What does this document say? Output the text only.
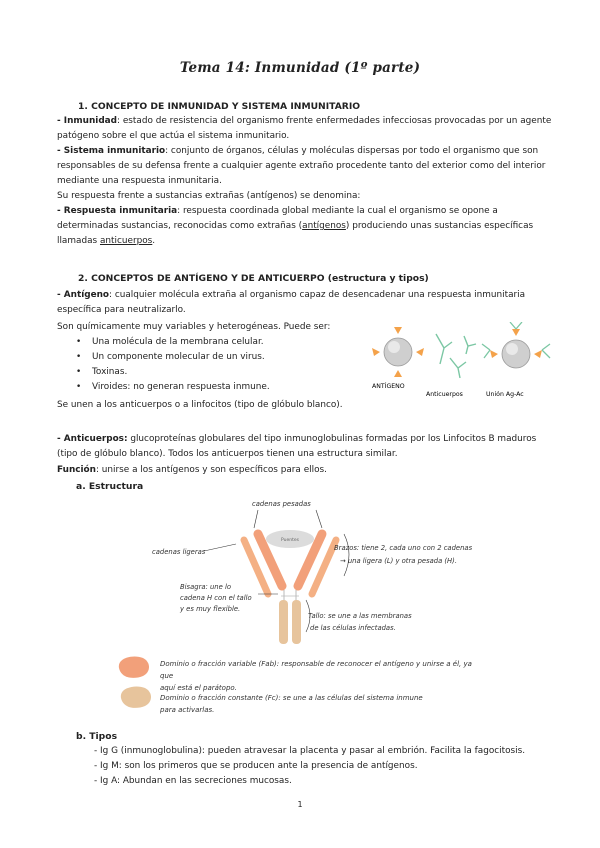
Tema 14: Inmunidad (1º parte)
1. CONCEPTO DE INMUNIDAD Y SISTEMA INMUNITARIO
- Inmunidad: estado de resistencia del organismo frente enfermedades infecciosas provocadas por un agente patógeno sobre el que actúa el sistema inmunitario.
- Sistema inmunitario: conjunto de órganos, células y moléculas dispersas por todo el organismo que son responsables de su defensa frente a cualquier agente extraño procedente tanto del exterior como del interior mediante una respuesta inmunitaria.
Su respuesta frente a sustancias extrañas (antígenos) se denomina:
- Respuesta inmunitaria: respuesta coordinada global mediante la cual el organismo se opone a determinadas sustancias, reconocidas como extrañas (antígenos) produciendo unas sustancias específicas llamadas anticuerpos.
2. CONCEPTOS DE ANTÍGENO Y DE ANTICUERPO (estructura y tipos)
- Antígeno: cualquier molécula extraña al organismo capaz de desencadenar una respuesta inmunitaria específica para neutralizarlo.
Son químicamente muy variables y heterogéneas. Puede ser:
• Una molécula de la membrana celular.
• Un componente molecular de un virus.
• Toxinas.
• Viroides: no generan respuesta inmune.
Se unen a los anticuerpos o a linfocitos (tipo de glóbulo blanco).
ANTÍGENO
Anticuerpos	Unión Ag-Ac
- Anticuerpos: glucoproteínas globulares del tipo inmunoglobulinas formadas por los Linfocitos B maduros (tipo de glóbulo blanco). Todos los anticuerpos tienen una estructura similar.
Función: unirse a los antígenos y son específicos para ellos.
a. Estructura
Puentes
cadenas pesadas
cadenas ligeras	Brazos: tiene 2, cada uno con 2 cadenas
→ una ligera (L) y otra pesada (H).
Bisagra: une lo
cadena H con el tallo
y es muy flexible.
Tallo: se une a las membranas
de las células infectadas.
Dominio o fracción variable (Fab): responsable de reconocer el antígeno y unirse a él, ya que
aquí está el parátopo.
Dominio o fracción constante (Fc): se une a las células del sistema inmune
para activarlas.
b. Tipos
- Ig G (inmunoglobulina): pueden atravesar la placenta y pasar al embrión. Facilita la fagocitosis.
- Ig M: son los primeros que se producen ante la presencia de antígenos.
- Ig A: Abundan en las secreciones mucosas.
1
